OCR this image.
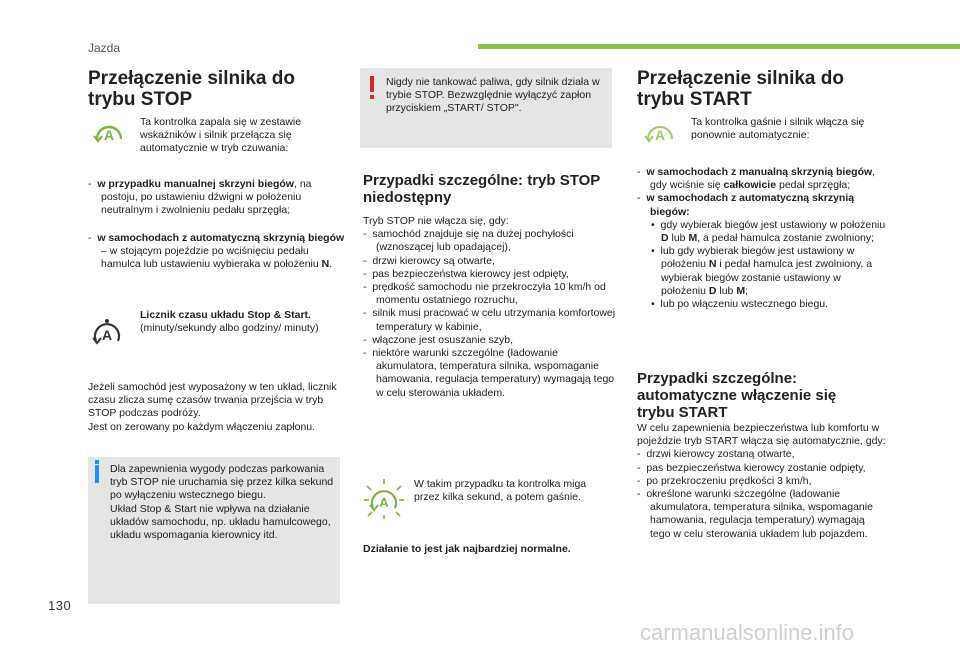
Jazda
130
carmanualsonline.info
Przełączenie silnika do
trybu STOP
A
Ta kontrolka zapala się w zestawie wskaźników i silnik przełącza się automatycznie w tryb czuwania:
-  w przypadku manualnej skrzyni biegów, na postoju, po ustawieniu dźwigni w położeniu neutralnym i zwolnieniu pedału sprzęgła;
-  w samochodach z automatyczną skrzynią biegów – w stojącym pojeździe po wciśnięciu pedału hamulca lub ustawieniu wybieraka w położeniu N.
A
Licznik czasu układu Stop & Start.
(minuty/sekundy albo godziny/ minuty)
Jeżeli samochód jest wyposażony w ten układ, licznik czasu zlicza sumę czasów trwania przejścia w tryb STOP podczas podróży.
Jest on zerowany po każdym włączeniu zapłonu.
Dla zapewnienia wygody podczas parkowania tryb STOP nie uruchamia się przez kilka sekund po wyłączeniu wstecznego biegu.
Układ Stop & Start nie wpływa na działanie układów samochodu, np. układu hamulcowego, układu wspomagania kierownicy itd.
Nigdy nie tankować paliwa, gdy silnik działa w trybie STOP. Bezwzględnie wyłączyć zapłon przyciskiem „START/ STOP".
Przypadki szczególne: tryb STOP
niedostępny
Tryb STOP nie włącza się, gdy:
-  samochód znajduje się na dużej pochyłości (wznoszącej lub opadającej),
-  drzwi kierowcy są otwarte,
-  pas bezpieczeństwa kierowcy jest odpięty,
-  prędkość samochodu nie przekroczyła 10 km/h od momentu ostatniego rozruchu,
-  silnik musi pracować w celu utrzymania komfortowej temperatury w kabinie,
-  włączone jest osuszanie szyb,
-  niektóre warunki szczególne (ładowanie akumulatora, temperatura silnika, wspomaganie hamowania, regulacja temperatury) wymagają tego w celu sterowania układem.
A
W takim przypadku ta kontrolka miga przez kilka sekund, a potem gaśnie.
Działanie to jest jak najbardziej normalne.
Przełączenie silnika do
trybu START
A
Ta kontrolka gaśnie i silnik włącza się ponownie automatycznie:
-  w samochodach z manualną skrzynią biegów, gdy wciśnie się całkowicie pedał sprzęgła;
-  w samochodach z automatyczną skrzynią biegów:
•  gdy wybierak biegów jest ustawiony w położeniu D lub M, a pedał hamulca zostanie zwolniony;
•  lub gdy wybierak biegów jest ustawiony w położeniu N i pedał hamulca jest zwolniony, a wybierak biegów zostanie ustawiony w położeniu D lub M;
•  lub po włączeniu wstecznego biegu.
Przypadki szczególne:
automatyczne włączenie się
trybu START
W celu zapewnienia bezpieczeństwa lub komfortu w pojeździe tryb START włącza się automatycznie, gdy:
-  drzwi kierowcy zostaną otwarte,
-  pas bezpieczeństwa kierowcy zostanie odpięty,
-  po przekroczeniu prędkości 3 km/h,
-  określone warunki szczególne (ładowanie akumulatora, temperatura silnika, wspomaganie hamowania, regulacja temperatury) wymagają tego w celu sterowania układem lub pojazdem.
